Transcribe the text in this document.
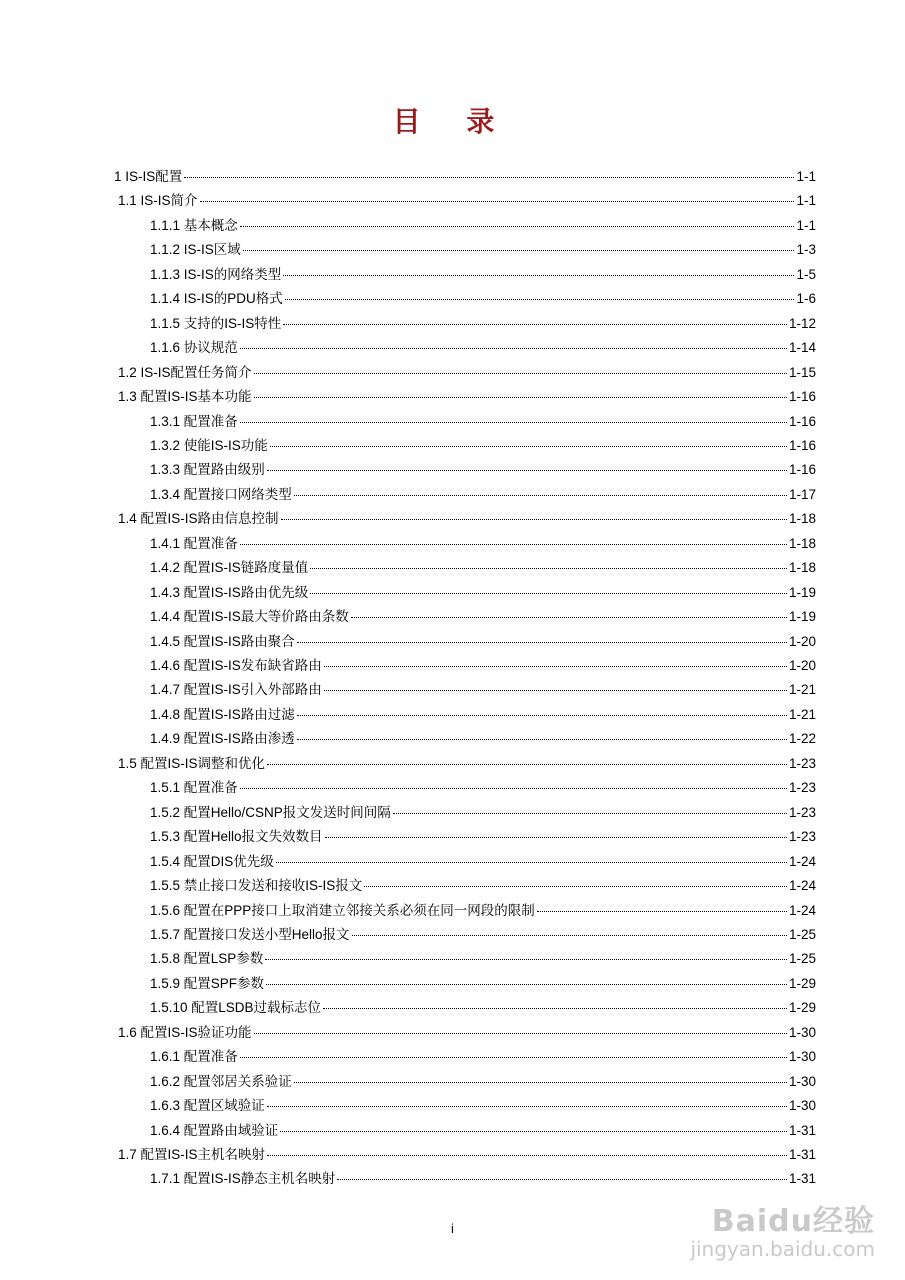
目 录
1 IS-IS配置	1-1
1.1 IS-IS简介	1-1
1.1.1 基本概念	1-1
1.1.2 IS-IS区域	1-3
1.1.3 IS-IS的网络类型	1-5
1.1.4 IS-IS的PDU格式	1-6
1.1.5 支持的IS-IS特性	1-12
1.1.6 协议规范	1-14
1.2 IS-IS配置任务简介	1-15
1.3 配置IS-IS基本功能	1-16
1.3.1 配置准备	1-16
1.3.2 使能IS-IS功能	1-16
1.3.3 配置路由级别	1-16
1.3.4 配置接口网络类型	1-17
1.4 配置IS-IS路由信息控制	1-18
1.4.1 配置准备	1-18
1.4.2 配置IS-IS链路度量值	1-18
1.4.3 配置IS-IS路由优先级	1-19
1.4.4 配置IS-IS最大等价路由条数	1-19
1.4.5 配置IS-IS路由聚合	1-20
1.4.6 配置IS-IS发布缺省路由	1-20
1.4.7 配置IS-IS引入外部路由	1-21
1.4.8 配置IS-IS路由过滤	1-21
1.4.9 配置IS-IS路由渗透	1-22
1.5 配置IS-IS调整和优化	1-23
1.5.1 配置准备	1-23
1.5.2 配置Hello/CSNP报文发送时间间隔	1-23
1.5.3 配置Hello报文失效数目	1-23
1.5.4 配置DIS优先级	1-24
1.5.5 禁止接口发送和接收IS-IS报文	1-24
1.5.6 配置在PPP接口上取消建立邻接关系必须在同一网段的限制	1-24
1.5.7 配置接口发送小型Hello报文	1-25
1.5.8 配置LSP参数	1-25
1.5.9 配置SPF参数	1-29
1.5.10 配置LSDB过载标志位	1-29
1.6 配置IS-IS验证功能	1-30
1.6.1 配置准备	1-30
1.6.2 配置邻居关系验证	1-30
1.6.3 配置区域验证	1-30
1.6.4 配置路由域验证	1-31
1.7 配置IS-IS主机名映射	1-31
1.7.1 配置IS-IS静态主机名映射	1-31
i	Baidu经验
jingyan.baidu.com
